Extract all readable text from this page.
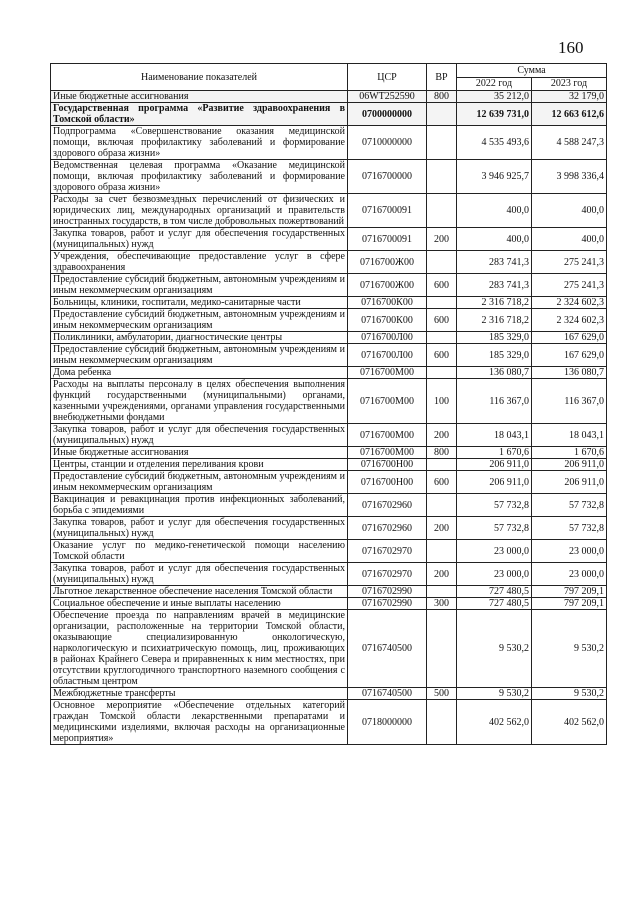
160
Наименование показателей	ЦСР	ВР	Сумма	
			2022 год	2023 год
Иные бюджетные ассигнования	06WT252590	800	35 212,0	32 179,0
Государственная программа «Развитие здравоохранения в Томской области»	0700000000		12 639 731,0	12 663 612,6
Подпрограмма «Совершенствование оказания медицинской помощи, включая профилактику заболеваний и формирование здорового образа жизни»	0710000000		4 535 493,6	4 588 247,3
Ведомственная целевая программа «Оказание медицинской помощи, включая профилактику заболеваний и формирование здорового образа жизни»	0716700000		3 946 925,7	3 998 336,4
Расходы за счет безвозмездных перечислений от физических и юридических лиц, международных организаций и правительств иностранных государств, в том числе добровольных пожертвований	0716700091		400,0	400,0
Закупка товаров, работ и услуг для обеспечения государственных (муниципальных) нужд	0716700091	200	400,0	400,0
Учреждения, обеспечивающие предоставление услуг в сфере здравоохранения	0716700Ж00		283 741,3	275 241,3
Предоставление субсидий бюджетным, автономным учреждениям и иным некоммерческим организациям	0716700Ж00	600	283 741,3	275 241,3
Больницы, клиники, госпитали, медико-санитарные части	0716700К00		2 316 718,2	2 324 602,3
Предоставление субсидий бюджетным, автономным учреждениям и иным некоммерческим организациям	0716700К00	600	2 316 718,2	2 324 602,3
Поликлиники, амбулатории, диагностические центры	0716700Л00		185 329,0	167 629,0
Предоставление субсидий бюджетным, автономным учреждениям и иным некоммерческим организациям	0716700Л00	600	185 329,0	167 629,0
Дома ребенка	0716700М00		136 080,7	136 080,7
Расходы на выплаты персоналу в целях обеспечения выполнения функций государственными (муниципальными) органами, казенными учреждениями, органами управления государственными внебюджетными фондами	0716700М00	100	116 367,0	116 367,0
Закупка товаров, работ и услуг для обеспечения государственных (муниципальных) нужд	0716700М00	200	18 043,1	18 043,1
Иные бюджетные ассигнования	0716700М00	800	1 670,6	1 670,6
Центры, станции и отделения переливания крови	0716700Н00		206 911,0	206 911,0
Предоставление субсидий бюджетным, автономным учреждениям и иным некоммерческим организациям	0716700Н00	600	206 911,0	206 911,0
Вакцинация и ревакцинация против инфекционных заболеваний, борьба с эпидемиями	0716702960		57 732,8	57 732,8
Закупка товаров, работ и услуг для обеспечения государственных (муниципальных) нужд	0716702960	200	57 732,8	57 732,8
Оказание услуг по медико-генетической помощи населению Томской области	0716702970		23 000,0	23 000,0
Закупка товаров, работ и услуг для обеспечения государственных (муниципальных) нужд	0716702970	200	23 000,0	23 000,0
Льготное лекарственное обеспечение населения Томской области	0716702990		727 480,5	797 209,1
Социальное обеспечение и иные выплаты населению	0716702990	300	727 480,5	797 209,1
Обеспечение проезда по направлениям врачей в медицинские организации, расположенные на территории Томской области, оказывающие специализированную онкологическую, наркологическую и психиатрическую помощь, лиц, проживающих в районах Крайнего Севера и приравненных к ним местностях, при отсутствии круглогодичного транспортного наземного сообщения с областным центром	0716740500		9 530,2	9 530,2
Межбюджетные трансферты	0716740500	500	9 530,2	9 530,2
Основное мероприятие «Обеспечение отдельных категорий граждан Томской области лекарственными препаратами и медицинскими изделиями, включая расходы на организационные мероприятия»	0718000000		402 562,0	402 562,0
